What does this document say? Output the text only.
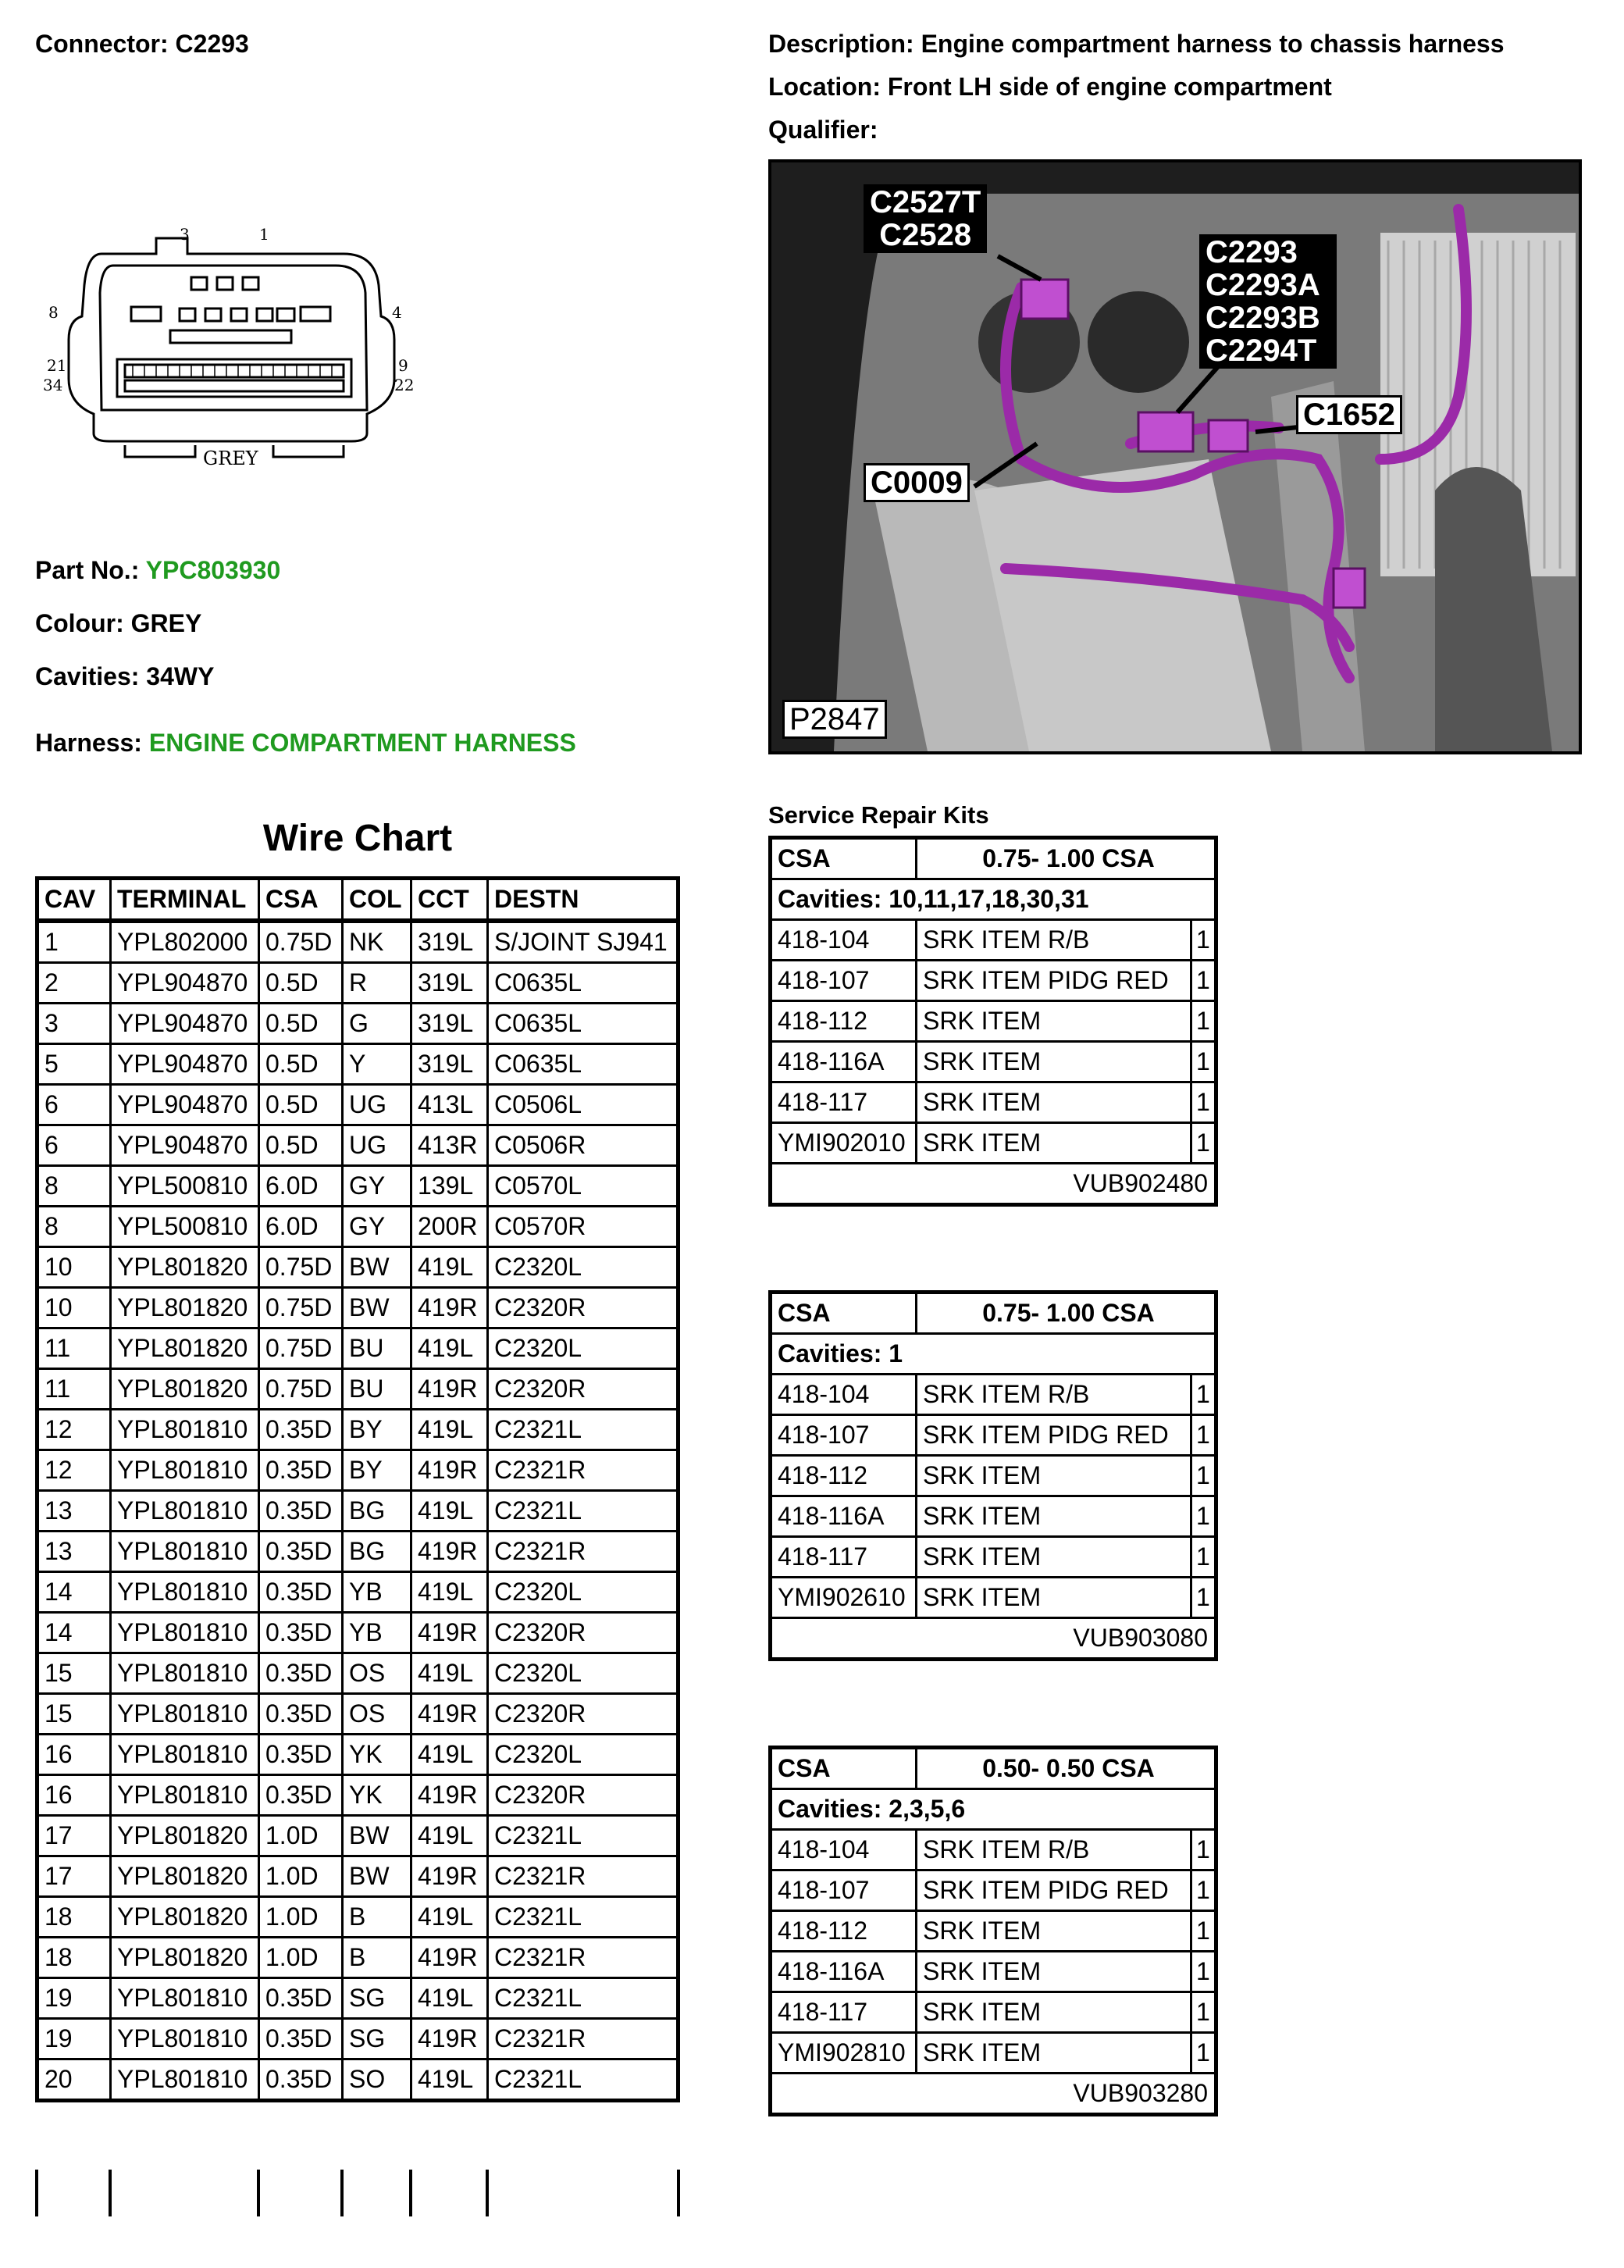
Connector: C2293	Description: Engine compartment harness to chassis harness
Location: Front LH side of engine compartment
Qualifier:
3	1
8	4
21
34
9
22
GREY
Part No.: YPC803930
Colour: GREY
Cavities: 34WY
Harness: ENGINE COMPARTMENT HARNESS
C2527T
C2528	C2293
C2293A
C2293B
C2294T
C1652
C0009
P2847
Wire Chart
CAV	TERMINAL	CSA	COL	CCT	DESTN
1	YPL802000	0.75D	NK	319L	S/JOINT SJ941
2	YPL904870	0.5D	R	319L	C0635L
3	YPL904870	0.5D	G	319L	C0635L
5	YPL904870	0.5D	Y	319L	C0635L
6	YPL904870	0.5D	UG	413L	C0506L
6	YPL904870	0.5D	UG	413R	C0506R
8	YPL500810	6.0D	GY	139L	C0570L
8	YPL500810	6.0D	GY	200R	C0570R
10	YPL801820	0.75D	BW	419L	C2320L
10	YPL801820	0.75D	BW	419R	C2320R
11	YPL801820	0.75D	BU	419L	C2320L
11	YPL801820	0.75D	BU	419R	C2320R
12	YPL801810	0.35D	BY	419L	C2321L
12	YPL801810	0.35D	BY	419R	C2321R
13	YPL801810	0.35D	BG	419L	C2321L
13	YPL801810	0.35D	BG	419R	C2321R
14	YPL801810	0.35D	YB	419L	C2320L
14	YPL801810	0.35D	YB	419R	C2320R
15	YPL801810	0.35D	OS	419L	C2320L
15	YPL801810	0.35D	OS	419R	C2320R
16	YPL801810	0.35D	YK	419L	C2320L
16	YPL801810	0.35D	YK	419R	C2320R
17	YPL801820	1.0D	BW	419L	C2321L
17	YPL801820	1.0D	BW	419R	C2321R
18	YPL801820	1.0D	B	419L	C2321L
18	YPL801820	1.0D	B	419R	C2321R
19	YPL801810	0.35D	SG	419L	C2321L
19	YPL801810	0.35D	SG	419R	C2321R
20	YPL801810	0.35D	SO	419L	C2321L
Service Repair Kits
CSA	0.75- 1.00 CSA	
Cavities: 10,11,17,18,30,31		
418-104	SRK ITEM R/B	1
418-107	SRK ITEM PIDG RED	1
418-112	SRK ITEM	1
418-116A	SRK ITEM	1
418-117	SRK ITEM	1
YMI902010	SRK ITEM	1
VUB902480		
CSA	0.75- 1.00 CSA	
Cavities: 1		
418-104	SRK ITEM R/B	1
418-107	SRK ITEM PIDG RED	1
418-112	SRK ITEM	1
418-116A	SRK ITEM	1
418-117	SRK ITEM	1
YMI902610	SRK ITEM	1
VUB903080		
CSA	0.50- 0.50 CSA	
Cavities: 2,3,5,6		
418-104	SRK ITEM R/B	1
418-107	SRK ITEM PIDG RED	1
418-112	SRK ITEM	1
418-116A	SRK ITEM	1
418-117	SRK ITEM	1
YMI902810	SRK ITEM	1
VUB903280		
